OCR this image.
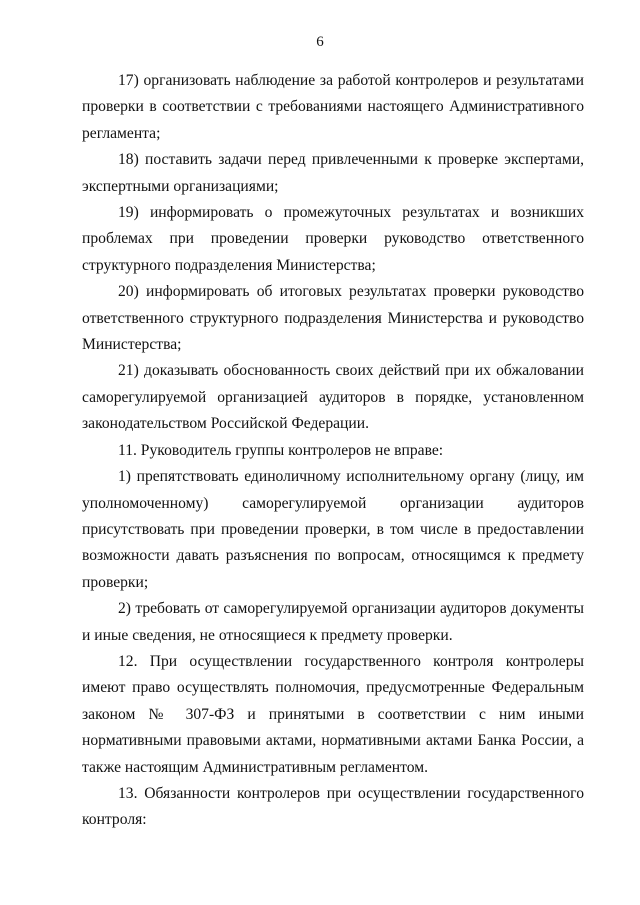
6

17) организовать наблюдение за работой контролеров и результатами проверки в соответствии с требованиями настоящего Административного регламента;

18) поставить задачи перед привлеченными к проверке экспертами, экспертными организациями;

19) информировать о промежуточных результатах и возникших проблемах при проведении проверки руководство ответственного структурного подразделения Министерства;

20) информировать об итоговых результатах проверки руководство ответственного структурного подразделения Министерства и руководство Министерства;

21) доказывать обоснованность своих действий при их обжаловании саморегулируемой организацией аудиторов в порядке, установленном законодательством Российской Федерации.

11. Руководитель группы контролеров не вправе:

1) препятствовать единоличному исполнительному органу (лицу, им уполномоченному) саморегулируемой организации аудиторов присутствовать при проведении проверки, в том числе в предоставлении возможности давать разъяснения по вопросам, относящимся к предмету проверки;

2) требовать от саморегулируемой организации аудиторов документы и иные сведения, не относящиеся к предмету проверки.

12. При осуществлении государственного контроля контролеры имеют право осуществлять полномочия, предусмотренные Федеральным законом № 307-ФЗ и принятыми в соответствии с ним иными нормативными правовыми актами, нормативными актами Банка России, а также настоящим Административным регламентом.

13. Обязанности контролеров при осуществлении государственного контроля:
